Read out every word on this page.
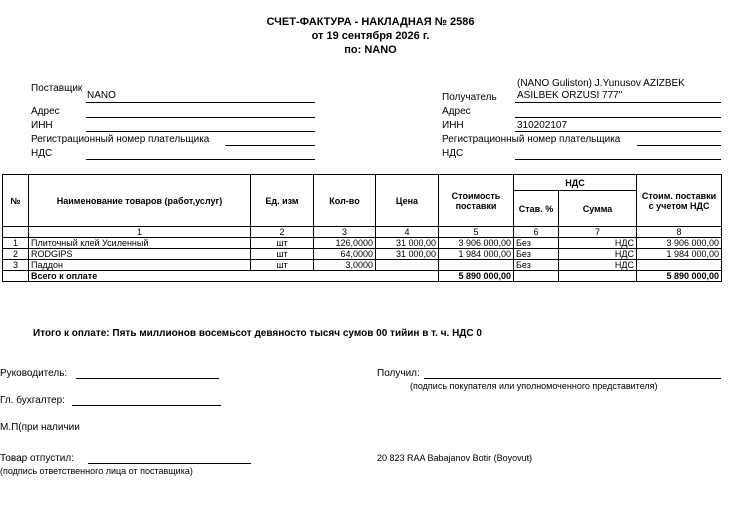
СЧЕТ-ФАКТУРА - НАКЛАДНАЯ № 2586
от 19 сентября 2026 г.
по: NANO
Поставщик
NANO
Адрес
ИНН
Регистрационный номер плательщика
НДС
(NANO Guliston) J.Yunusov AZIZBEK
Получатель ASILBEK ORZUSI 777"
Адрес
ИНН	310202107
Регистрационный номер плательщика
НДС
№	Наименование товаров (работ,услуг)	Ед. изм	Кол-во	Цена	Стоимость поставки	НДС		Стоим. поставки с учетом НДС
						Став. %	Сумма	
	1	2	3	4	5	6	7	8
1	Плиточный клей Усиленный	шт	126,0000	31 000,00	3 906 000,00	Без	НДС	3 906 000,00
2	RODGIPS	шт	64,0000	31 000,00	1 984 000,00	Без	НДС	1 984 000,00
3	Паддон	шт	3,0000			Без	НДС	
	Всего к оплате				5 890 000,00			5 890 000,00
Итого к оплате: Пять миллионов восемьсот девяносто тысяч сумов 00 тийин в т. ч. НДС 0
Руководитель:
Гл. бухгалтер:
М.П(при наличии
Товар отпустил:
(подпись ответственного лица от поставщика)
Получил:
(подпись покупателя или уполномоченного представителя)
20 823 RAA Babajanov Botir (Boyovut)
